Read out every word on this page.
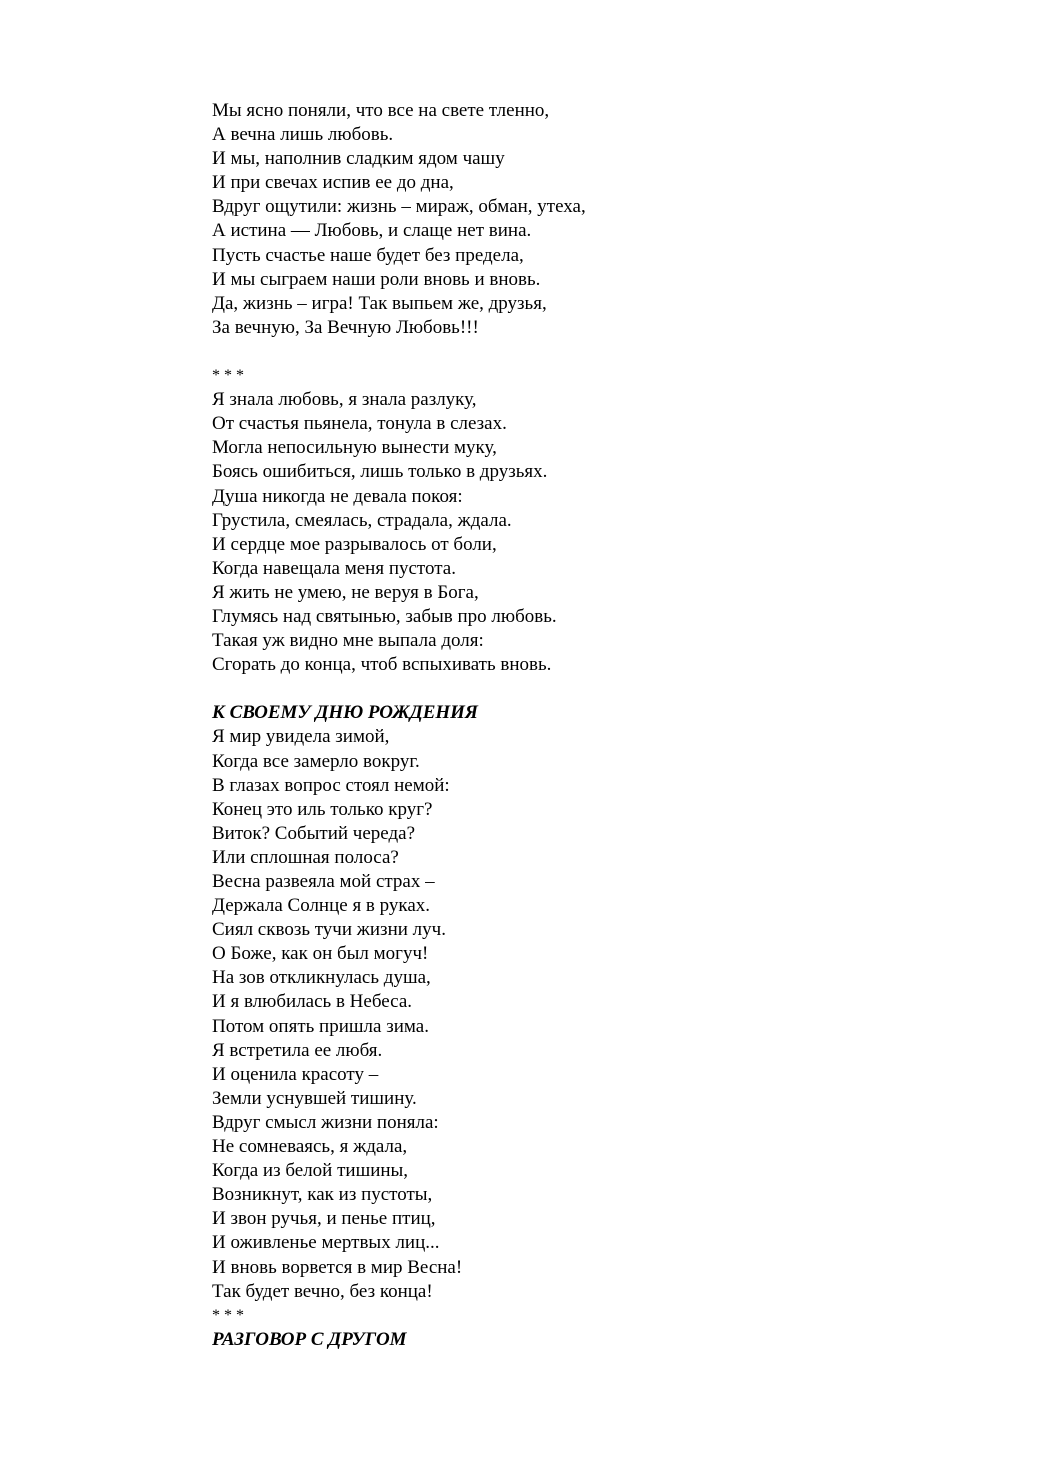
Мы ясно поняли, что все на свете тленно,
А вечна лишь любовь.
И мы, наполнив сладким ядом чашу
И при свечах испив ее до дна,
Вдруг ощутили: жизнь – мираж, обман, утеха,
А истина — Любовь, и слаще нет вина.
Пусть счастье наше будет без предела,
И мы сыграем наши роли вновь и вновь.
Да, жизнь – игра! Так выпьем же, друзья,
За вечную, За Вечную Любовь!!!
* * *
Я знала любовь, я знала разлуку,
От счастья пьянела, тонула в слезах.
Могла непосильную вынести муку,
Боясь ошибиться, лишь только в друзьях.
Душа никогда не девала покоя:
Грустила, смеялась, страдала, ждала.
И сердце мое разрывалось от боли,
Когда навещала меня пустота.
Я жить не умею, не веруя в Бога,
Глумясь над святынью, забыв про любовь.
Такая уж видно мне выпала доля:
Сгорать до конца, чтоб вспыхивать вновь.
К СВОЕМУ ДНЮ РОЖДЕНИЯ
Я мир увидела зимой,
Когда все замерло вокруг.
В глазах вопрос стоял немой:
Конец это иль только круг?
Виток? Событий череда?
Или сплошная полоса?
Весна развеяла мой страх –
Держала Солнце я в руках.
Сиял сквозь тучи жизни луч.
О Боже, как он был могуч!
На зов откликнулась душа,
И я влюбилась в Небеса.
Потом опять пришла зима.
Я встретила ее любя.
И оценила красоту –
Земли уснувшей тишину.
Вдруг смысл жизни поняла:
Не сомневаясь, я ждала,
Когда из белой тишины,
Возникнут, как из пустоты,
И звон ручья, и пенье птиц,
И оживленье мертвых лиц...
И вновь ворвется в мир Весна!
Так будет вечно, без конца!
* * *
РАЗГОВОР С ДРУГОМ
